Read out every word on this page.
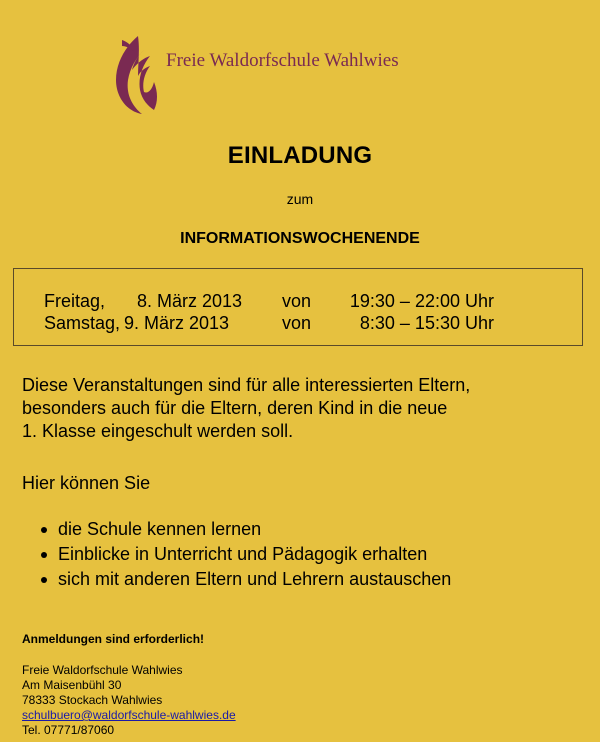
Freie Waldorfschule Wahlwies
EINLADUNG
zum
INFORMATIONSWOCHENENDE
Freitag, 8. März 2013 von	19:30 – 22:00 Uhr
Samstag, 9. März 2013	von	8:30 – 15:30 Uhr
Diese Veranstaltungen sind für alle interessierten Eltern,
besonders auch für die Eltern, deren Kind in die neue
1. Klasse eingeschult werden soll.
Hier können Sie
die Schule kennen lernen
Einblicke in Unterricht und Pädagogik erhalten
sich mit anderen Eltern und Lehrern austauschen
Anmeldungen sind erforderlich!
Freie Waldorfschule Wahlwies
Am Maisenbühl 30
78333 Stockach Wahlwies
schulbuero@waldorfschule-wahlwies.de
Tel. 07771/87060
